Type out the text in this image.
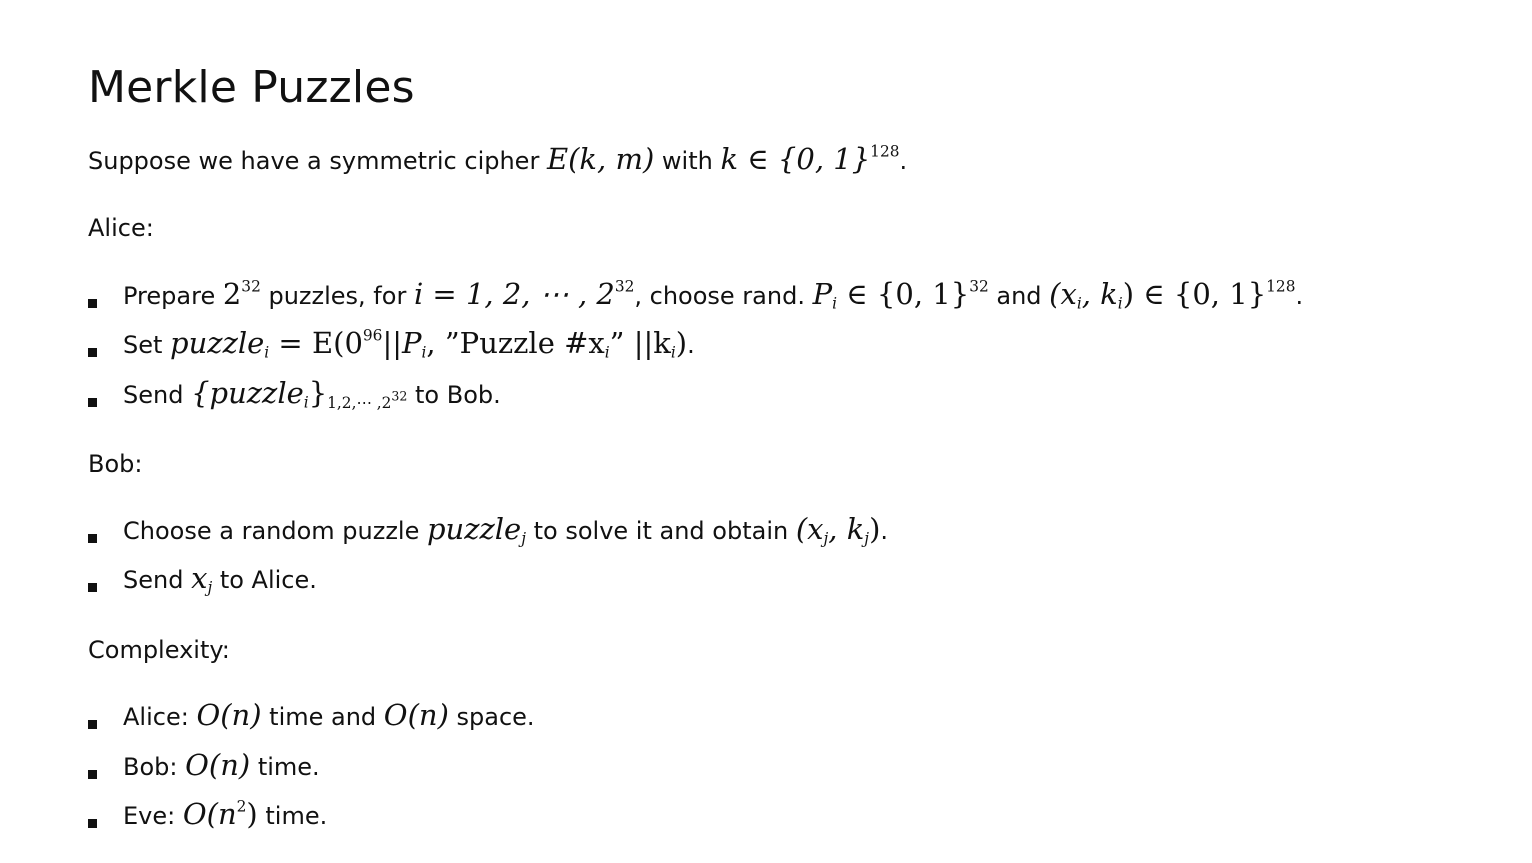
Merkle Puzzles

Suppose we have a symmetric cipher E(k, m) with k ∈ {0, 1}$^{128}$.

Alice:

Prepare $2^{32}$ puzzles, for i = 1, 2, ⋯ , $2^{32}$, choose rand. $P_i$ ∈ {0, 1}$^{32}$ and ($x_i$, $k_i$) ∈ {0, 1}$^{128}$.
Set puzzle$_i$ = $E(0^{96}||P_i$, ”Puzzle $\#x_i$” $||k_i$).
Send $\{puzzle_i\}_{1,2,\cdots ,2^{32}}$ to Bob.

Bob:

Choose a random puzzle puzzle$_j$ to solve it and obtain ($x_j$, $k_j$).
Send $x_j$ to Alice.

Complexity:

Alice: O(n) time and O(n) space.
Bob: O(n) time.
Eve: $O(n^2)$ time.
